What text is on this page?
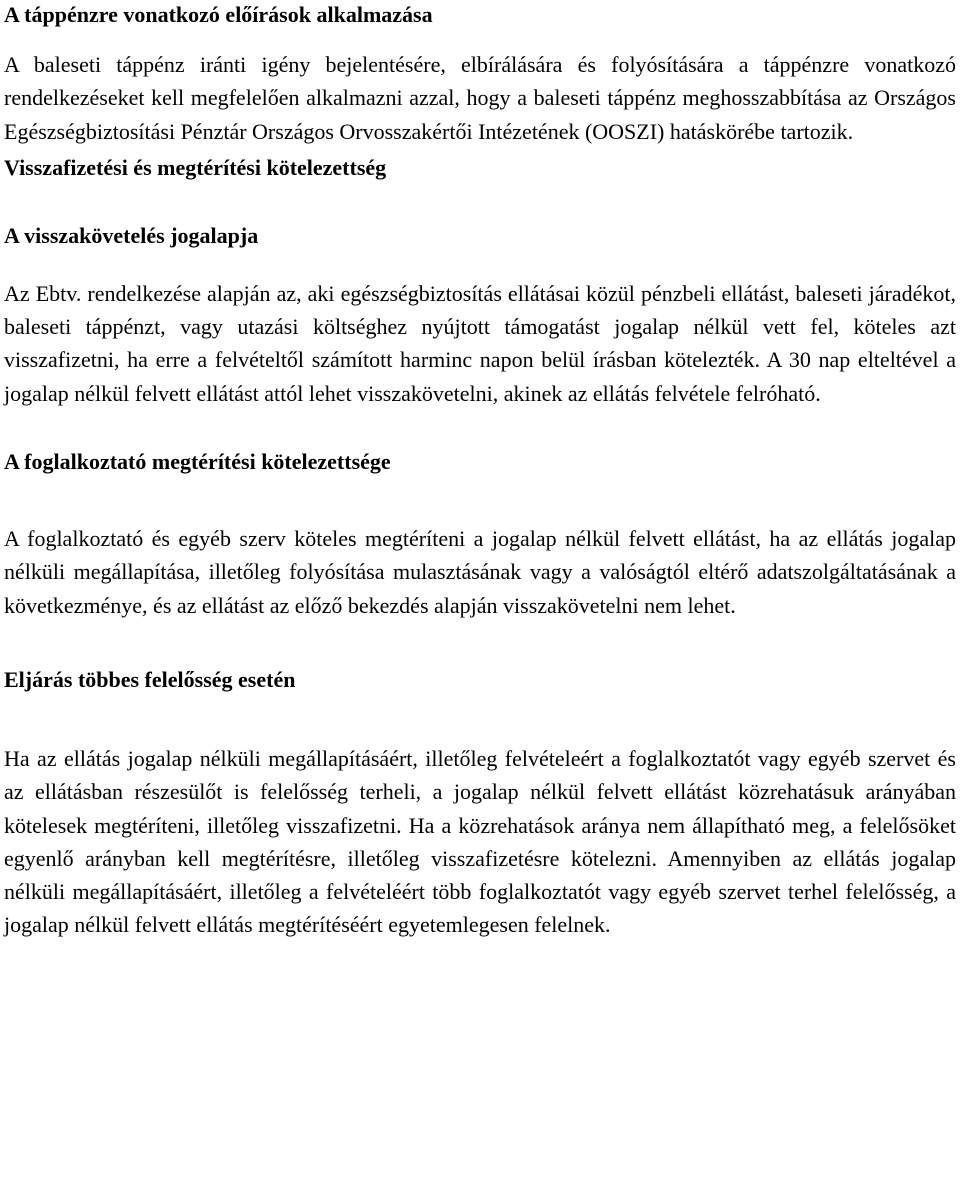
A táppénzre vonatkozó előírások alkalmazása

A baleseti táppénz iránti igény bejelentésére, elbírálására és folyósítására a táppénzre vonatkozó rendelkezéseket kell megfelelően alkalmazni azzal, hogy a baleseti táppénz meghosszabbítása az Országos Egészségbiztosítási Pénztár Országos Orvosszakértői Intézetének (OOSZI) hatáskörébe tartozik.

Visszafizetési és megtérítési kötelezettség
A visszakövetelés jogalapja

Az Ebtv. rendelkezése alapján az, aki egészségbiztosítás ellátásai közül pénzbeli ellátást, baleseti járadékot, baleseti táppénzt, vagy utazási költséghez nyújtott támogatást jogalap nélkül vett fel, köteles azt visszafizetni, ha erre a felvételtől számított harminc napon belül írásban kötelezték. A 30 nap elteltével a jogalap nélkül felvett ellátást attól lehet visszakövetelni, akinek az ellátás felvétele felróható.

A foglalkoztató megtérítési kötelezettsége

A foglalkoztató és egyéb szerv köteles megtéríteni a jogalap nélkül felvett ellátást, ha az ellátás jogalap nélküli megállapítása, illetőleg folyósítása mulasztásának vagy a valóságtól eltérő adatszolgáltatásának a következménye, és az ellátást az előző bekezdés alapján visszakövetelni nem lehet.

Eljárás többes felelősség esetén

Ha az ellátás jogalap nélküli megállapításáért, illetőleg felvételeért a foglalkoztatót vagy egyéb szervet és az ellátásban részesülőt is felelősség terheli, a jogalap nélkül felvett ellátást közrehatásuk arányában kötelesek megtéríteni, illetőleg visszafizetni. Ha a közrehatások aránya nem állapítható meg, a felelősöket egyenlő arányban kell megtérítésre, illetőleg visszafizetésre kötelezni. Amennyiben az ellátás jogalap nélküli megállapításáért, illetőleg a felvételéért több foglalkoztatót vagy egyéb szervet terhel felelősség, a jogalap nélkül felvett ellátás megtérítéséért egyetemlegesen felelnek.
